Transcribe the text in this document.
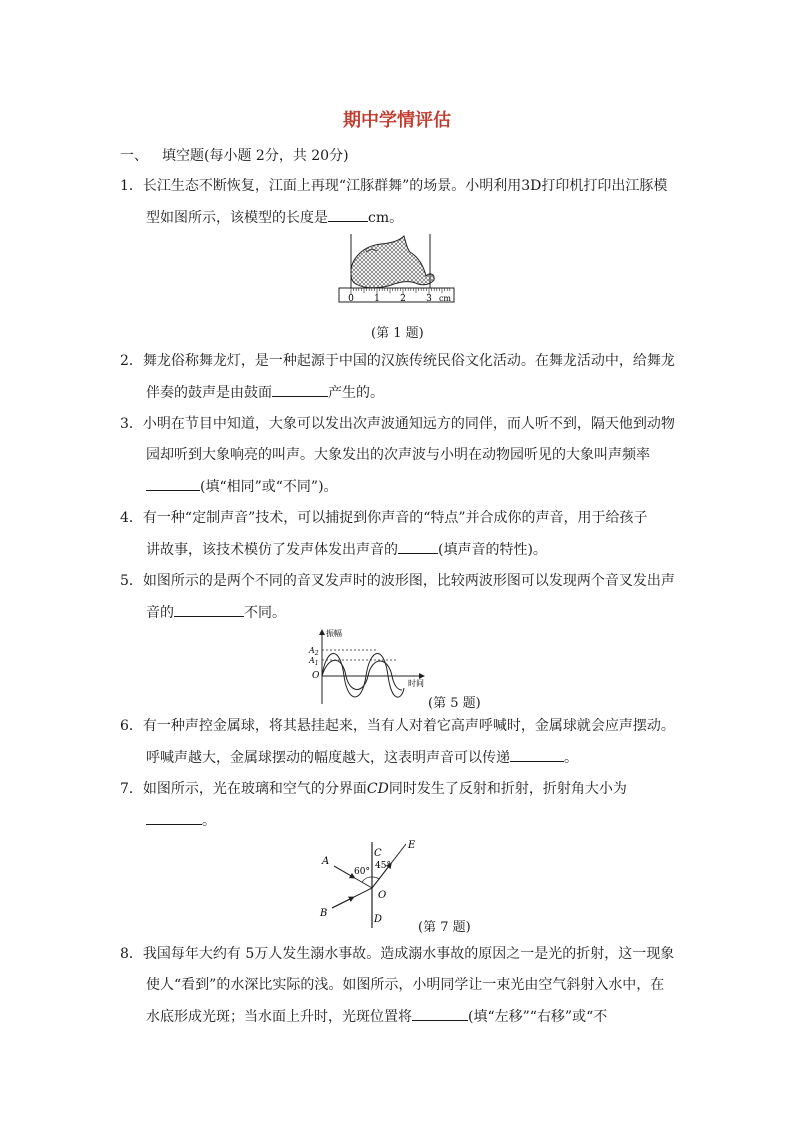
期中学情评估
一、 填空题(每小题 2分，共 20分)
1．长江生态不断恢复，江面上再现“江豚群舞”的场景。小明利用3D打印机打印出江豚模
型如图所示，该模型的长度是	cm。
0 1 2 3 cm
(第 1 题)
2．舞龙俗称舞龙灯，是一种起源于中国的汉族传统民俗文化活动。在舞龙活动中，给舞龙
伴奏的鼓声是由鼓面	产生的。
3．小明在节目中知道，大象可以发出次声波通知远方的同伴，而人听不到，隔天他到动物
园却听到大象响亮的叫声。大象发出的次声波与小明在动物园听见的大象叫声频率
(填“相同”或“不同”)。
4．有一种“定制声音”技术，可以捕捉到你声音的“特点”并合成你的声音，用于给孩子
讲故事，该技术模仿了发声体发出声音的	(填声音的特性)。
5．如图所示的是两个不同的音叉发声时的波形图，比较两波形图可以发现两个音叉发出声
音的	不同。
振幅
时间
O
$A_2$
$A_1$
(第 5 题)
6．有一种声控金属球，将其悬挂起来，当有人对着它高声呼喊时，金属球就会应声摆动。
呼喊声越大，金属球摆动的幅度越大，这表明声音可以传递	。
7．如图所示，光在玻璃和空气的分界面CD同时发生了反射和折射，折射角大小为
。
A
B
C
D
E
O
60°
45°
(第 7 题)
8．我国每年大约有 5万人发生溺水事故。造成溺水事故的原因之一是光的折射，这一现象
使人“看到”的水深比实际的浅。如图所示，小明同学让一束光由空气斜射入水中，在
水底形成光斑；当水面上升时，光斑位置将	(填“左移”“右移”或“不
